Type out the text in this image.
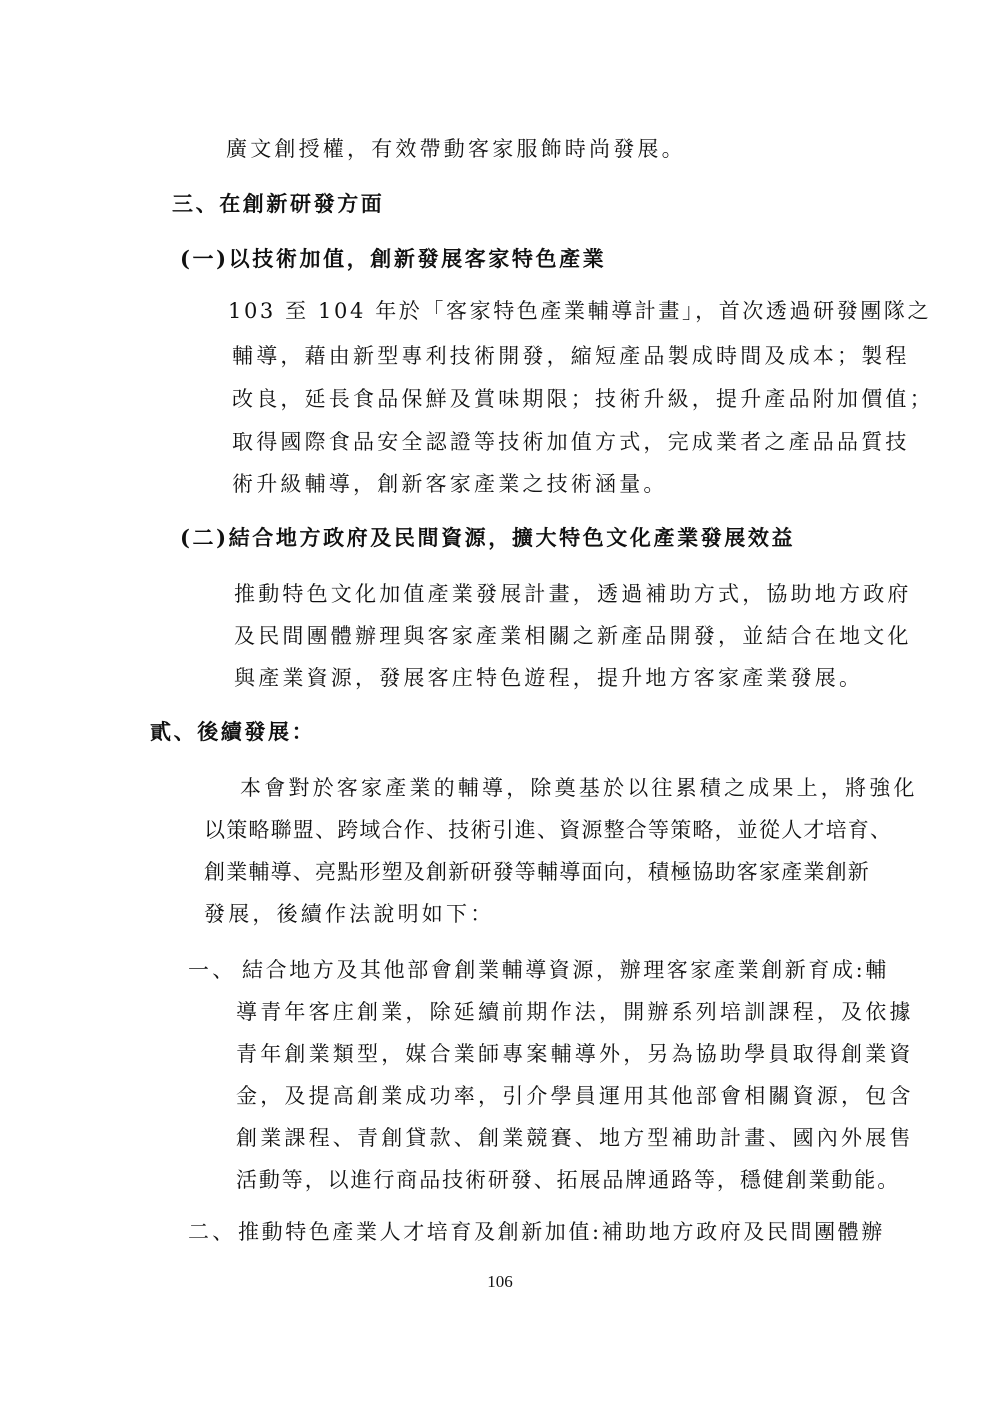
廣文創授權，有效帶動客家服飾時尚發展。
三、在創新研發方面
(一)以技術加值，創新發展客家特色產業
103 至 104 年於「客家特色產業輔導計畫」，首次透過研發團隊之
輔導，藉由新型專利技術開發，縮短產品製成時間及成本；製程
改良，延長食品保鮮及賞味期限；技術升級，提升產品附加價值；
取得國際食品安全認證等技術加值方式，完成業者之產品品質技
術升級輔導，創新客家產業之技術涵量。
(二)結合地方政府及民間資源，擴大特色文化產業發展效益
推動特色文化加值產業發展計畫，透過補助方式，協助地方政府
及民間團體辦理與客家產業相關之新產品開發，並結合在地文化
與產業資源，發展客庄特色遊程，提升地方客家產業發展。
貳、後續發展：
本會對於客家產業的輔導，除奠基於以往累積之成果上，將強化
以策略聯盟、跨域合作、技術引進、資源整合等策略，並從人才培育、
創業輔導、亮點形塑及創新研發等輔導面向，積極協助客家產業創新
發展，後續作法說明如下：
一、 結合地方及其他部會創業輔導資源，辦理客家產業創新育成:輔
導青年客庄創業，除延續前期作法，開辦系列培訓課程，及依據
青年創業類型，媒合業師專案輔導外，另為協助學員取得創業資
金，及提高創業成功率，引介學員運用其他部會相關資源，包含
創業課程、青創貸款、創業競賽、地方型補助計畫、國內外展售
活動等，以進行商品技術研發、拓展品牌通路等，穩健創業動能。
二、 推動特色產業人才培育及創新加值:補助地方政府及民間團體辦
106
